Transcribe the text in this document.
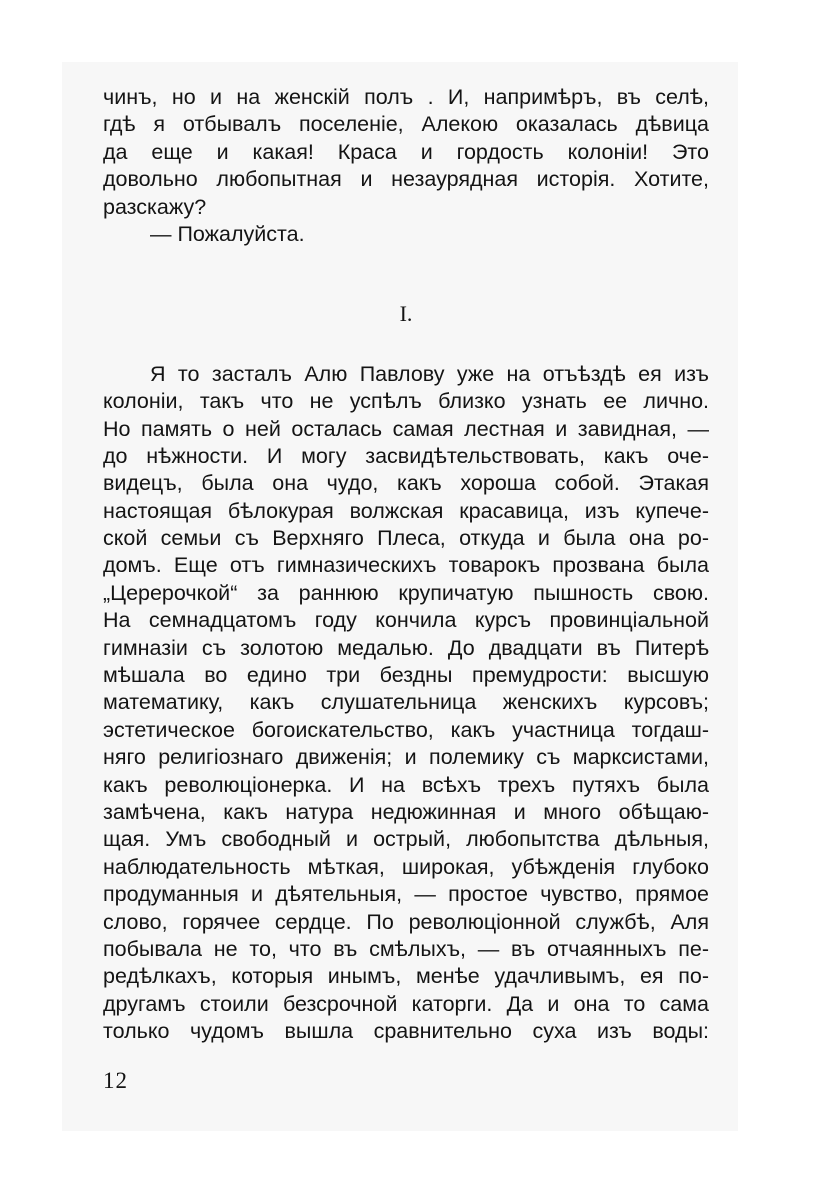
чинъ, но и на женскiй полъ . И, напримѣръ, въ селѣ,
гдѣ я отбывалъ поселенiе, Алекою оказалась дѣвица
да еще и какая! Краса и гордость колонiи! Это
довольно любопытная и незаурядная исторiя. Хотите,
разскажу?
— Пожалуйста.
I.
Я то засталъ Алю Павлову уже на отъѣздѣ ея изъ
колонiи, такъ что не успѣлъ близко узнать ее лично.
Но память о ней осталась самая лестная и завидная, —
до нѣжности. И могу засвидѣтельствовать, какъ оче-
видецъ, была она чудо, какъ хороша собой. Этакая
настоящая бѣлокурая волжская красавица, изъ купече-
ской семьи съ Верхняго Плеса, откуда и была она ро-
домъ. Еще отъ гимназическихъ товарокъ прозвана была
„Церерочкой“ за раннюю крупичатую пышность свою.
На семнадцатомъ году кончила курсъ провинцiальной
гимназiи съ золотою медалью. До двадцати въ Питерѣ
мѣшала во едино три бездны премудрости: высшую
математику, какъ слушательница женскихъ курсовъ;
эстетическое богоискательство, какъ участница тогдаш-
няго религiознаго движенiя; и полемику съ марксистами,
какъ революцiонерка. И на всѣхъ трехъ путяхъ была
замѣчена, какъ натура недюжинная и много обѣщаю-
щая. Умъ свободный и острый, любопытства дѣльныя,
наблюдательность мѣткая, широкая, убѣжденiя глубоко
продуманныя и дѣятельныя, — простое чувство, прямое
слово, горячее сердце. По революцiонной службѣ, Аля
побывала не то, что въ смѣлыхъ, — въ отчаянныхъ пе-
редѣлкахъ, которыя инымъ, менѣе удачливымъ, ея по-
другамъ стоили безсрочной каторги. Да и она то сама
только чудомъ вышла сравнительно суха изъ воды:
12
